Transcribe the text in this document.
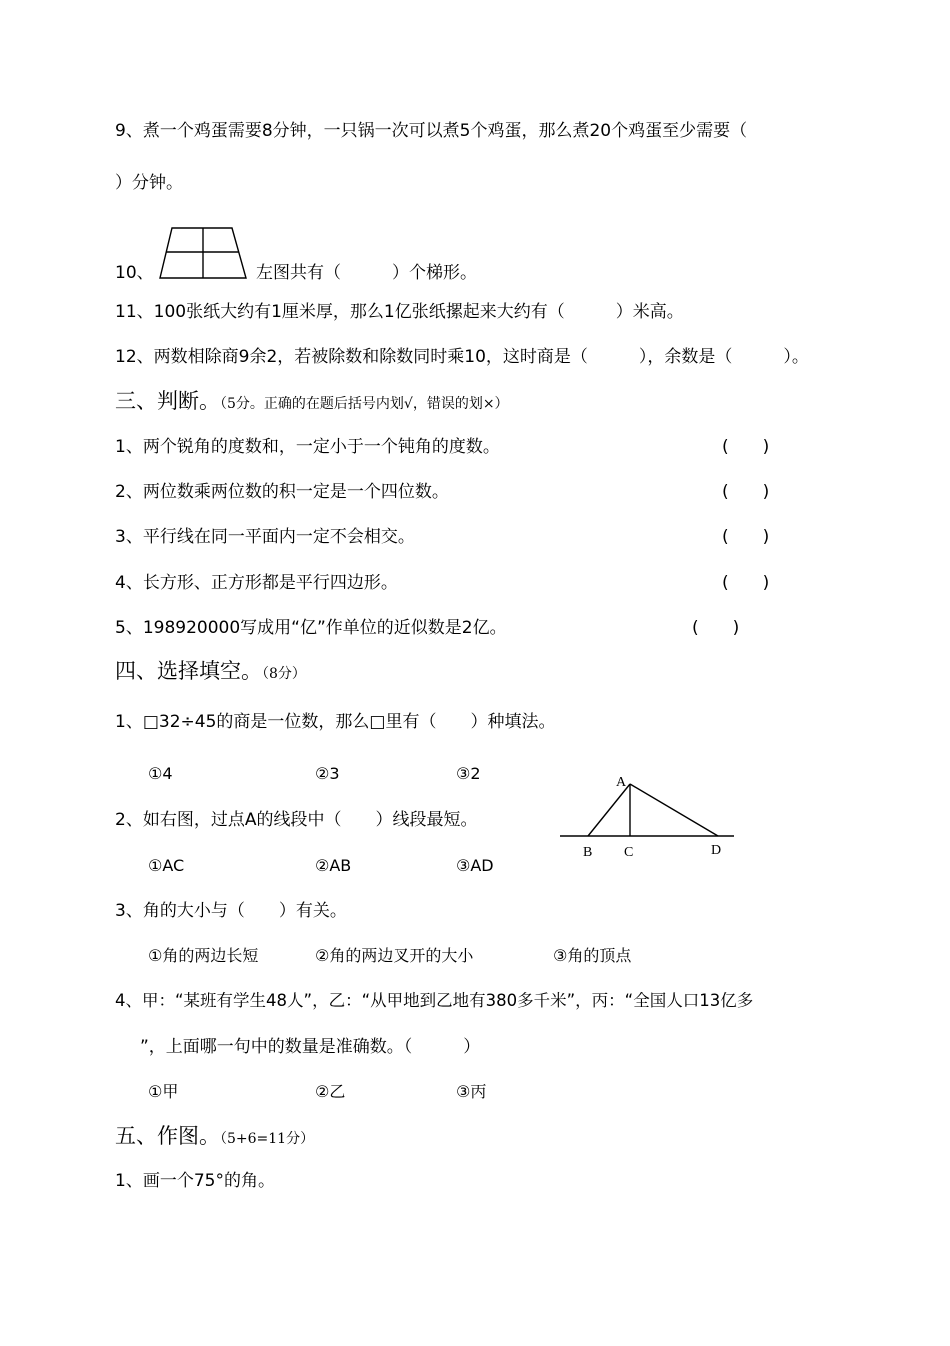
9、煮一个鸡蛋需要8分钟，一只锅一次可以煮5个鸡蛋，那么煮20个鸡蛋至少需要（
）分钟。
10、	左图共有（　　　）个梯形。
11、100张纸大约有1厘米厚，那么1亿张纸摞起来大约有（　　　）米高。
12、两数相除商9余2，若被除数和除数同时乘10，这时商是（　　　），余数是（　　　）。
三、判断。（5分。正确的在题后括号内划√，错误的划×）
1、两个锐角的度数和，一定小于一个钝角的度数。	(　　)
2、两位数乘两位数的积一定是一个四位数。	(　　)
3、平行线在同一平面内一定不会相交。	(　　)
4、长方形、正方形都是平行四边形。	(　　)
5、198920000写成用“亿”作单位的近似数是2亿。	(　　)
四、选择填空。（8分）
1、□32÷45的商是一位数，那么□里有（　　）种填法。
①4	②3	③2	A
B C	D
2、如右图，过点A的线段中（　　）线段最短。
①AC	②AB	③AD
3、角的大小与（　　）有关。
①角的两边长短	②角的两边叉开的大小	③角的顶点
4、甲：“某班有学生48人”，乙：“从甲地到乙地有380多千米”，丙：“全国人口13亿多
”，上面哪一句中的数量是准确数。（　　　）
①甲	②乙	③丙
五、作图。（5+6=11分）
1、画一个75°的角。
